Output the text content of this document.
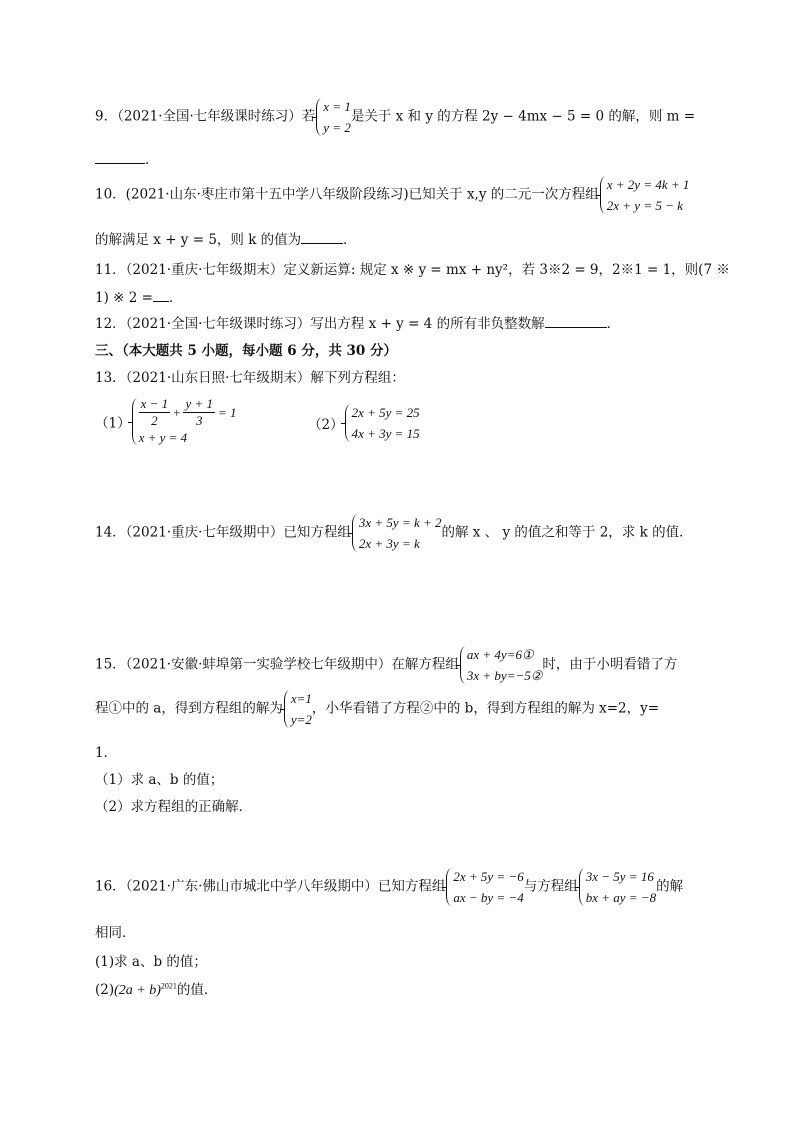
9．（2021·全国·七年级课时练习）若
x = 1
y = 2
是关于 x 和 y 的方程 2y − 4mx − 5 = 0 的解，则 m =
．
10．(2021·山东·枣庄市第十五中学八年级阶段练习)已知关于 x,y 的二元一次方程组
x + 2y = 4k + 1
2x + y = 5 − k
的解满足 x + y = 5，则 k 的值为	．
11．（2021·重庆·七年级期末）定义新运算: 规定 x ※ y = mx + ny²，若 3※2 = 9，2※1 = 1，则(7 ※
1) ※ 2 = ．
12．（2021·全国·七年级课时练习）写出方程 x + y = 4 的所有非负整数解	．
三、（本大题共 5 小题，每小题 6 分，共 30 分）
13．（2021·山东日照·七年级期末）解下列方程组：
$(1) \frac{x - 1}{2} + \frac{y + 1}{3} = 1$
x + y = 4
（2）
2x + 5y = 25
4x + 3y = 15
14．（2021·重庆·七年级期中）已知方程组
3x + 5y = k + 2
2x + 3y = k
的解 x 、 y 的值之和等于 2，求 k 的值．
15．（2021·安徽·蚌埠第一实验学校七年级期中）在解方程组
ax + 4y=6①
3x + by=−5②
时，由于小明看错了方
程①中的 a，得到方程组的解为
x=1
y=2
，小华看错了方程②中的 b，得到方程组的解为 x=2，y=
1．
（1）求 a、b 的值；
（2）求方程组的正确解．
16．（2021·广东·佛山市城北中学八年级期中）已知方程组
2x + 5y = −6
ax − by = −4
与方程组
3x − 5y = 16
bx + ay = −8
的解
相同．
(1)求 a、b 的值；
$(2)(2a + b)^{2021}$的值．
